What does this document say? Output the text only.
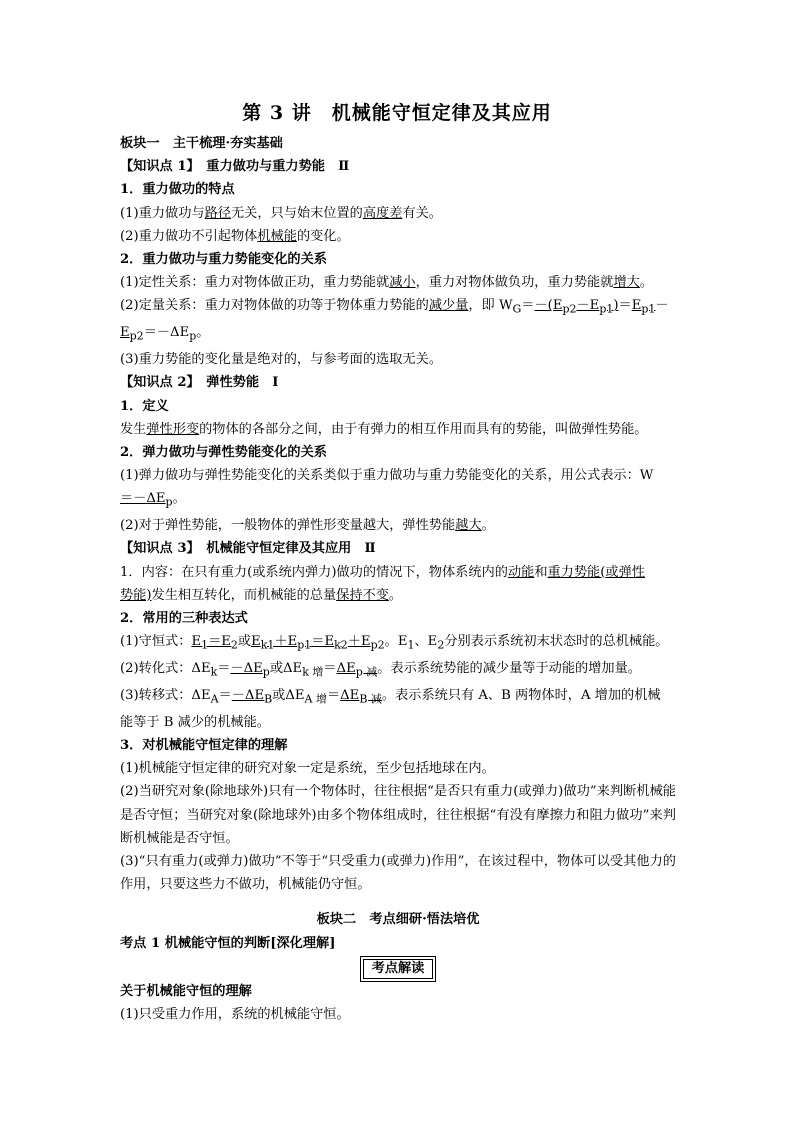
第 3 讲　机械能守恒定律及其应用

板块一　主干梳理·夯实基础

【知识点 1】　重力做功与重力势能　Ⅱ

1．重力做功的特点

(1)重力做功与路径无关，只与始末位置的高度差有关。

(2)重力做功不引起物体机械能的变化。

2．重力做功与重力势能变化的关系

(1)定性关系：重力对物体做正功，重力势能就减小，重力对物体做负功，重力势能就增大。

(2)定量关系：重力对物体做的功等于物体重力势能的减少量，即 $W_G=-(E_{p2}-E_{p1})=E_{p1}-$

$E_{p2}=-\Delta E_p$。

(3)重力势能的变化量是绝对的，与参考面的选取无关。

【知识点 2】　弹性势能　Ⅰ

1．定义

发生弹性形变的物体的各部分之间，由于有弹力的相互作用而具有的势能，叫做弹性势能。

2．弹力做功与弹性势能变化的关系

(1)弹力做功与弹性势能变化的关系类似于重力做功与重力势能变化的关系，用公式表示：W

$=-\Delta E_p$。

(2)对于弹性势能，一般物体的弹性形变量越大，弹性势能越大。

【知识点 3】　机械能守恒定律及其应用　Ⅱ

1．内容：在只有重力(或系统内弹力)做功的情况下，物体系统内的动能和重力势能(或弹性

势能)发生相互转化，而机械能的总量保持不变。

2．常用的三种表达式

(1)守恒式：$E_1=E_2$或$E_{k1}+E_{p1}=E_{k2}+E_{p2}$。$E_1$、$E_2$分别表示系统初末状态时的总机械能。

(2)转化式：$\Delta E_k=-\Delta E_p$或$\Delta E_{k 增}=\Delta E_{p 减}$。表示系统势能的减少量等于动能的增加量。

(3)转移式：$\Delta E_A=-\Delta E_B$或$\Delta E_{A 增}=\Delta E_{B 减}$。表示系统只有 A、B 两物体时，A 增加的机械

能等于 B 减少的机械能。

3．对机械能守恒定律的理解

(1)机械能守恒定律的研究对象一定是系统，至少包括地球在内。

(2)当研究对象(除地球外)只有一个物体时，往往根据“是否只有重力(或弹力)做功”来判断机械能是否守恒；当研究对象(除地球外)由多个物体组成时，往往根据“有没有摩擦力和阻力做功”来判断机械能是否守恒。

(3)“只有重力(或弹力)做功”不等于“只受重力(或弹力)作用”，在该过程中，物体可以受其他力的作用，只要这些力不做功，机械能仍守恒。

板块二　考点细研·悟法培优

考点 1 机械能守恒的判断[深化理解]

考点解读

关于机械能守恒的理解

(1)只受重力作用，系统的机械能守恒。
